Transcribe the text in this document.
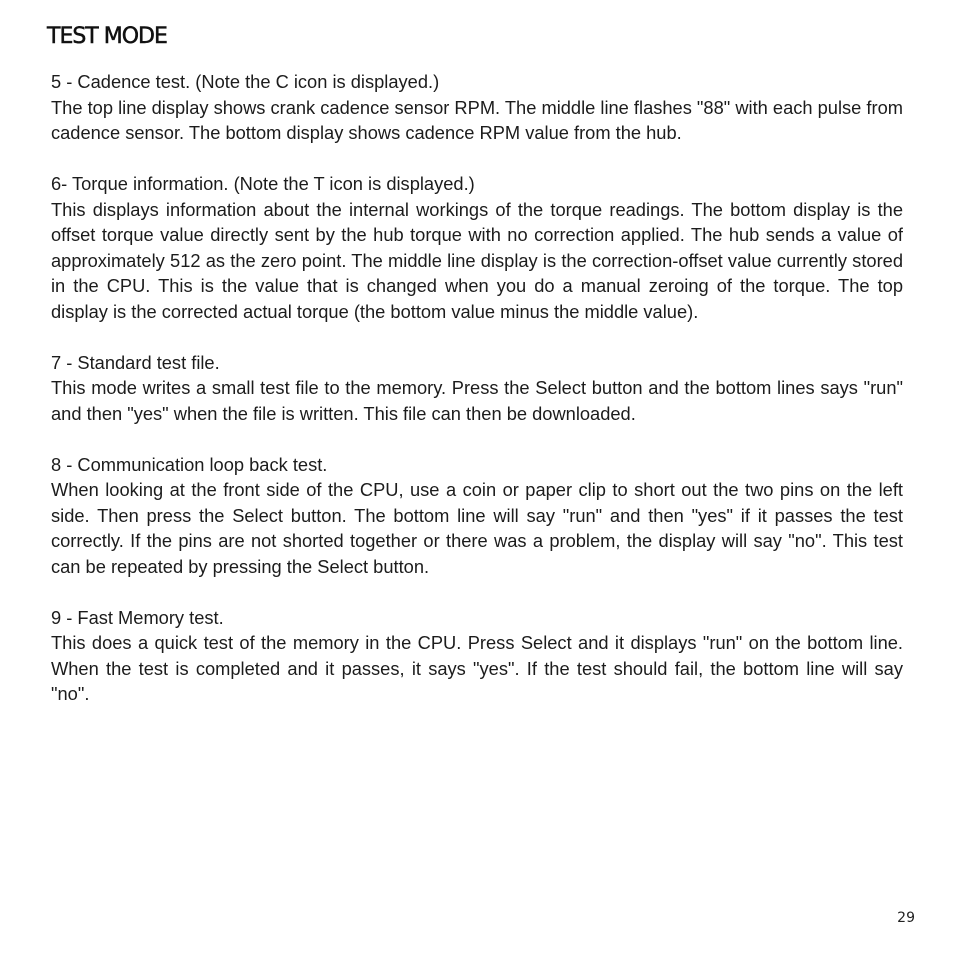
TEST MODE
5 - Cadence test. (Note the C icon is displayed.)

The top line display shows crank cadence sensor RPM. The middle line flashes "88" with each pulse from cadence sensor. The bottom display shows cadence RPM value from the hub.

6- Torque information. (Note the T icon is displayed.)

This displays information about the internal workings of the torque readings. The bottom display is the offset torque value directly sent by the hub torque with no correction applied. The hub sends a value of approximately 512 as the zero point. The middle line display is the correction-offset value currently stored in the CPU. This is the value that is changed when you do a manual zeroing of the torque. The top display is the corrected actual torque (the bottom value minus the middle value).

7 - Standard test file.

This mode writes a small test file to the memory. Press the Select button and the bottom lines says "run" and then "yes" when the file is written. This file can then be downloaded.

8 - Communication loop back test.

When looking at the front side of the CPU, use a coin or paper clip to short out the two pins on the left side. Then press the Select button. The bottom line will say "run" and then "yes" if it passes the test correctly. If the pins are not shorted together or there was a problem, the display will say "no". This test can be repeated by pressing the Select button.

9 - Fast Memory test.

This does a quick test of the memory in the CPU. Press Select and it displays "run" on the bottom line. When the test is completed and it passes, it says "yes". If the test should fail, the bottom line will say "no".

29
